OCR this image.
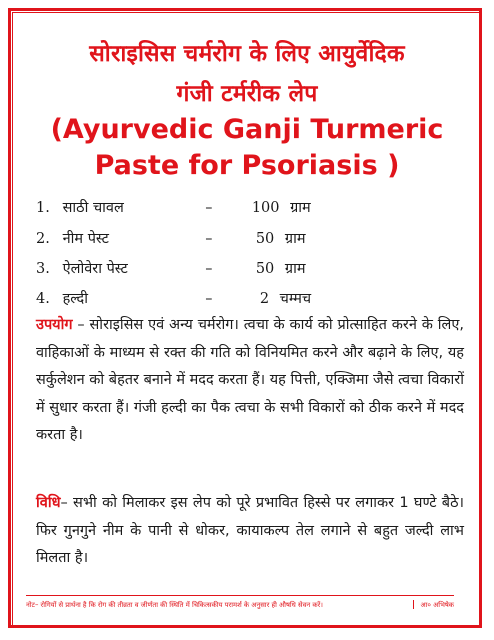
सोराइसिस चर्मरोग के लिए आयुर्वेदिक
गंजी टर्मरीक लेप
(Ayurvedic Ganji Turmeric
Paste for Psoriasis )
1. साठी चावल	–	100 ग्राम
2. नीम पेस्ट	–	50 ग्राम
3. ऐलोवेरा पेस्ट	–	50 ग्राम
4. हल्दी	–	2 चम्मच
उपयोग – सोराइसिस एवं अन्य चर्मरोग। त्वचा के कार्य को प्रोत्साहित करने के लिए, वाहिकाओं के माध्यम से रक्त की गति को विनियमित करने और बढ़ाने के लिए, यह सर्कुलेशन को बेहतर बनाने में मदद करता हैं। यह पित्ती, एक्जिमा जैसे त्वचा विकारों में सुधार करता हैं। गंजी हल्दी का पैक त्वचा के सभी विकारों को ठीक करने में मदद करता है।
विधि– सभी को मिलाकर इस लेप को पूरे प्रभावित हिस्से पर लगाकर 1 घण्टे बैठे। फिर गुनगुने नीम के पानी से धोकर, कायाकल्प तेल लगाने से बहुत जल्दी लाभ मिलता है।
नोट– रोगियों से प्रार्थना है कि रोग की तीव्रता व जीर्णता की स्थिति में चिकित्सकीय परामर्श के अनुसार ही औषधि सेवन करें।	आ० अभिषेक
